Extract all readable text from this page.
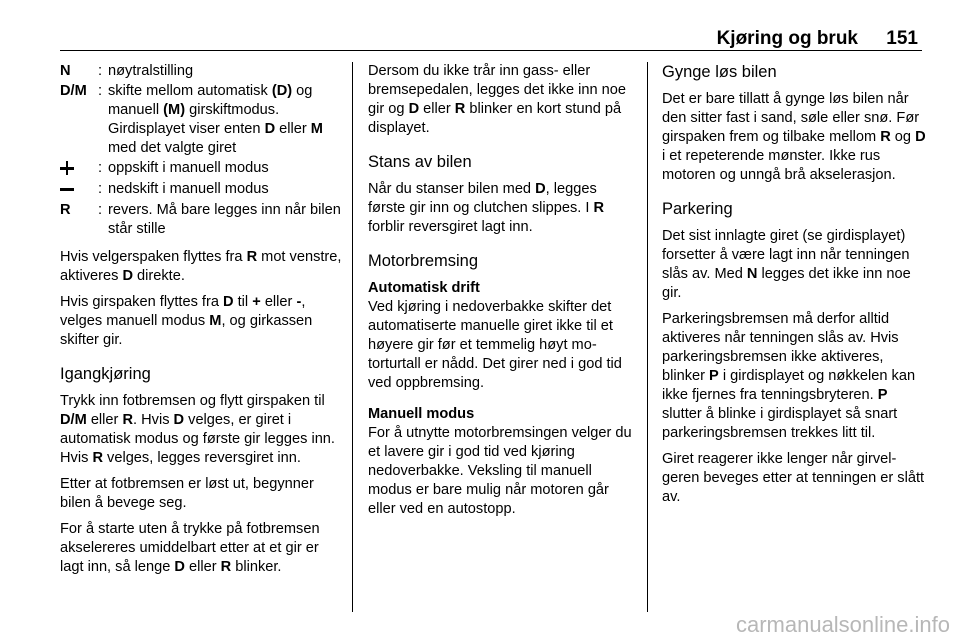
Kjøring og bruk 151
N	:	nøytralstilling
D/M	:	skifte mellom automatisk (D) og manuell (M) girskiftmodus. Girdisplayet viser enten D eller M med det valgte giret
	:	oppskift i manuell modus
	:	nedskift i manuell modus
R	:	revers. Må bare legges inn når bilen står stille

Hvis velgerspaken flyttes fra R mot venstre, aktiveres D direkte.

Hvis girspaken flyttes fra D til + eller -, velges manuell modus M, og girkassen skifter gir.

Igangkjøring

Trykk inn fotbremsen og flytt girspaken til D/M eller R. Hvis D velges, er giret i automatisk modus og første gir legges inn. Hvis R velges, legges reversgiret inn.

Etter at fotbremsen er løst ut, begynner bilen å bevege seg.

For å starte uten å trykke på fotbremsen akselereres umiddelbart etter at et gir er lagt inn, så lenge D eller R blinker.

Dersom du ikke trår inn gass- eller bremsepedalen, legges det ikke inn noe gir og D eller R blinker en kort stund på displayet.

Stans av bilen

Når du stanser bilen med D, legges første gir inn og clutchen slippes. I R forblir reversgiret lagt inn.

Motorbremsing
Automatisk drift

Ved kjøring i nedoverbakke skifter det automatiserte manuelle giret ikke til et høyere gir før et temmelig høyt motorturtall er nådd. Det girer ned i god tid ved oppbremsing.

Manuell modus

For å utnytte motorbremsingen velger du et lavere gir i god tid ved kjøring nedoverbakke. Veksling til manuell modus er bare mulig når motoren går eller ved en autostopp.

Gynge løs bilen

Det er bare tillatt å gynge løs bilen når den sitter fast i sand, søle eller snø. Før girspaken frem og tilbake mellom R og D i et repeterende mønster. Ikke rus motoren og unngå brå akselerasjon.

Parkering

Det sist innlagte giret (se girdisplayet) forsetter å være lagt inn når tenningen slås av. Med N legges det ikke inn noe gir.

Parkeringsbremsen må derfor alltid aktiveres når tenningen slås av. Hvis parkeringsbremsen ikke aktiveres, blinker P i girdisplayet og nøkkelen kan ikke fjernes fra tenningsbryteren. P slutter å blinke i girdisplayet så snart parkeringsbremsen trekkes litt til.

Giret reagerer ikke lenger når girvelgeren beveges etter at tenningen er slått av.

carmanualsonline.info
